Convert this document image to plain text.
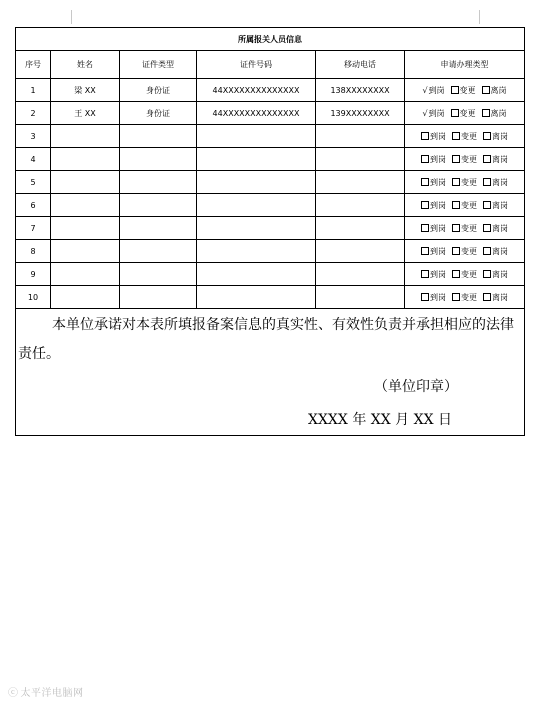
所属报关人员信息					
序号	姓名	证件类型	证件号码	移动电话	申请办理类型
1	梁 XX	身份证	44XXXXXXXXXXXXXX	138XXXXXXXX	√到岗 变更 离岗
2	王 XX	身份证	44XXXXXXXXXXXXXX	139XXXXXXXX	√到岗 变更 离岗
3					到岗 变更 离岗
4					到岗 变更 离岗
5					到岗 变更 离岗
6					到岗 变更 离岗
7					到岗 变更 离岗
8					到岗 变更 离岗
9					到岗 变更 离岗
10					到岗 变更 离岗

本单位承诺对本表所填报备案信息的真实性、有效性负责并承担相应的法律责任。

（单位印章）
XXXX 年 XX 月 XX 日					
ⓒ 太平洋电脑网
